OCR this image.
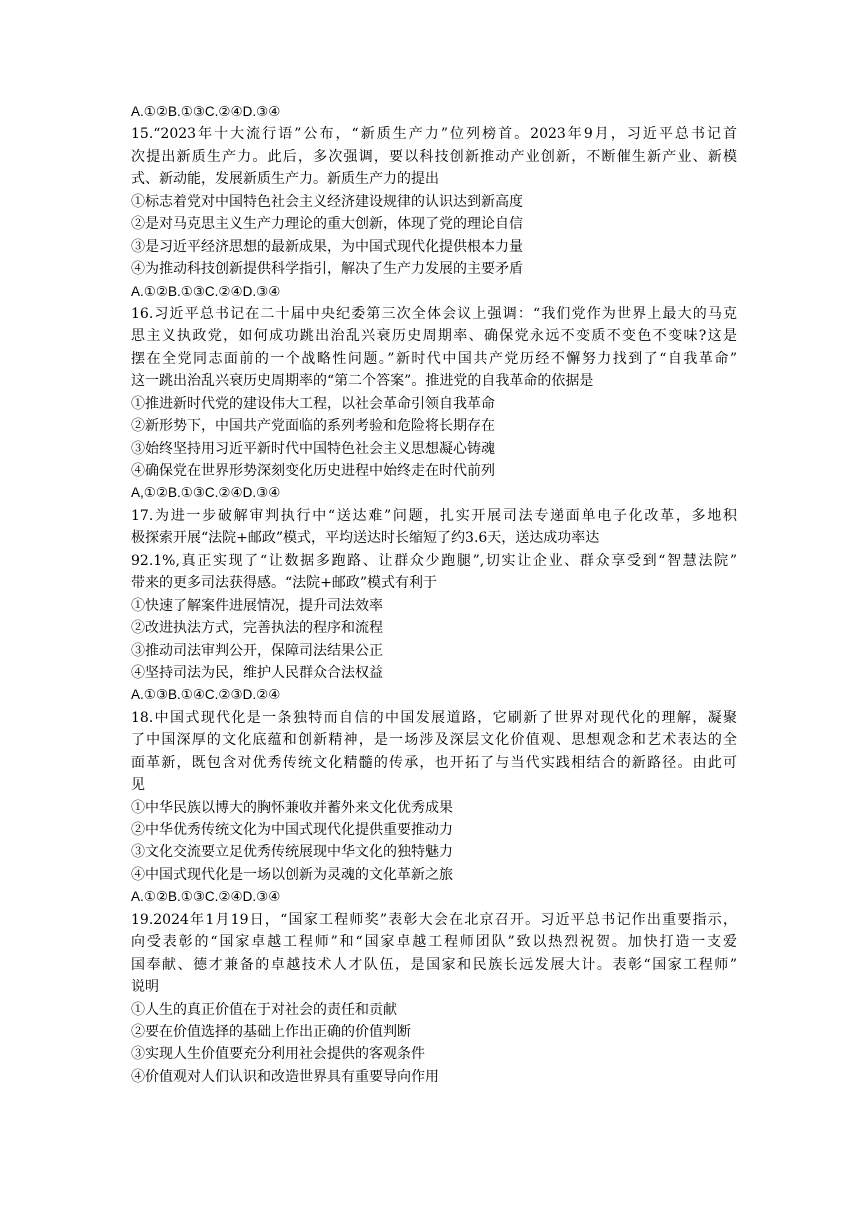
A.①②B.①③C.②④D.③④
15.“2023年十大流行语”公布，“新质生产力”位列榜首。2023年9月，习近平总书记首
次提出新质生产力。此后，多次强调，要以科技创新推动产业创新，不断催生新产业、新模
式、新动能，发展新质生产力。新质生产力的提出
①标志着党对中国特色社会主义经济建设规律的认识达到新高度
②是对马克思主义生产力理论的重大创新，体现了党的理论自信
③是习近平经济思想的最新成果，为中国式现代化提供根本力量
④为推动科技创新提供科学指引，解决了生产力发展的主要矛盾
A.①②B.①③C.②④D.③④
16.习近平总书记在二十届中央纪委第三次全体会议上强调：“我们党作为世界上最大的马克
思主义执政党，如何成功跳出治乱兴衰历史周期率、确保党永远不变质不变色不变味?这是
摆在全党同志面前的一个战略性问题。”新时代中国共产党历经不懈努力找到了“自我革命”
这一跳出治乱兴衰历史周期率的“第二个答案”。推进党的自我革命的依据是
①推进新时代党的建设伟大工程，以社会革命引领自我革命
②新形势下，中国共产党面临的系列考验和危险将长期存在
③始终坚持用习近平新时代中国特色社会主义思想凝心铸魂
④确保党在世界形势深刻变化历史进程中始终走在时代前列
A,①②B.①③C.②④D.③④
17.为进一步破解审判执行中“送达难”问题，扎实开展司法专递面单电子化改革，多地积
极探索开展“法院+邮政”模式，平均送达时长缩短了约3.6天，送达成功率达
92.1%,真正实现了“让数据多跑路、让群众少跑腿”,切实让企业、群众享受到“智慧法院”
带来的更多司法获得感。“法院+邮政”模式有利于
①快速了解案件进展情况，提升司法效率
②改进执法方式，完善执法的程序和流程
③推动司法审判公开，保障司法结果公正
④坚持司法为民，维护人民群众合法权益
A.①③B.①④C.②③D.②④
18.中国式现代化是一条独特而自信的中国发展道路，它刷新了世界对现代化的理解，凝聚
了中国深厚的文化底蕴和创新精神，是一场涉及深层文化价值观、思想观念和艺术表达的全
面革新，既包含对优秀传统文化精髓的传承，也开拓了与当代实践相结合的新路径。由此可
见
①中华民族以博大的胸怀兼收并蓄外来文化优秀成果
②中华优秀传统文化为中国式现代化提供重要推动力
③文化交流要立足优秀传统展现中华文化的独特魅力
④中国式现代化是一场以创新为灵魂的文化革新之旅
A.①②B.①③C.②④D.③④
19.2024年1月19日，“国家工程师奖”表彰大会在北京召开。习近平总书记作出重要指示，
向受表彰的“国家卓越工程师”和“国家卓越工程师团队”致以热烈祝贺。加快打造一支爱
国奉献、德才兼备的卓越技术人才队伍，是国家和民族长远发展大计。表彰“国家工程师”
说明
①人生的真正价值在于对社会的责任和贡献
②要在价值选择的基础上作出正确的价值判断
③实现人生价值要充分利用社会提供的客观条件
④价值观对人们认识和改造世界具有重要导向作用
